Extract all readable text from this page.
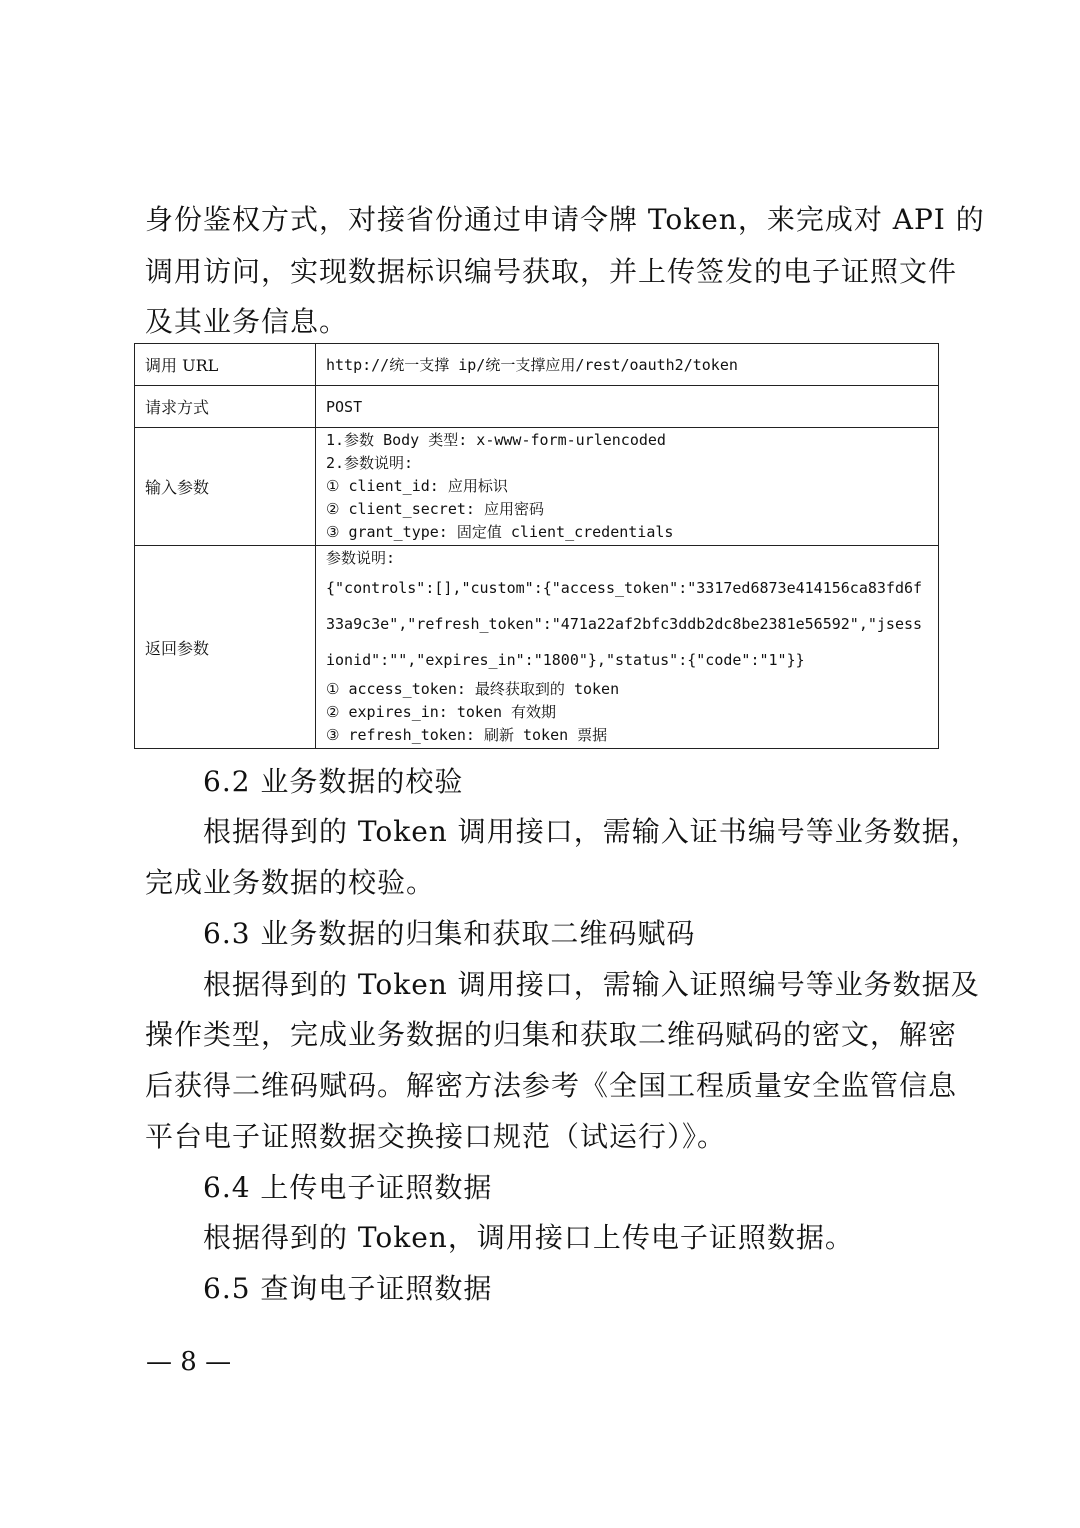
身份鉴权方式，对接省份通过申请令牌 Token，来完成对 API 的
调用访问，实现数据标识编号获取，并上传签发的电子证照文件
及其业务信息。
调用 URL	http://统一支撑 ip/统一支撑应用/rest/oauth2/token
请求方式	POST
输入参数	1.参数 Body 类型: x-www-form-urlencoded
2.参数说明:
① client_id: 应用标识
② client_secret: 应用密码
③ grant_type: 固定值 client_credentials

返回参数	参数说明:
{"controls":[],"custom":{"access_token":"3317ed6873e414156ca83fd6f33a9c3e","refresh_token":"471a22af2bfc3ddb2dc8be2381e56592","jsessionid":"","expires_in":"1800"},"status":{"code":"1"}}
① access_token: 最终获取到的 token
② expires_in: token 有效期
③ refresh_token: 刷新 token 票据
6.2 业务数据的校验
根据得到的 Token 调用接口，需输入证书编号等业务数据，
完成业务数据的校验。
6.3 业务数据的归集和获取二维码赋码
根据得到的 Token 调用接口，需输入证照编号等业务数据及
操作类型，完成业务数据的归集和获取二维码赋码的密文，解密
后获得二维码赋码。解密方法参考《全国工程质量安全监管信息
平台电子证照数据交换接口规范（试运行）》。
6.4 上传电子证照数据
根据得到的 Token，调用接口上传电子证照数据。
6.5 查询电子证照数据
— 8 —
